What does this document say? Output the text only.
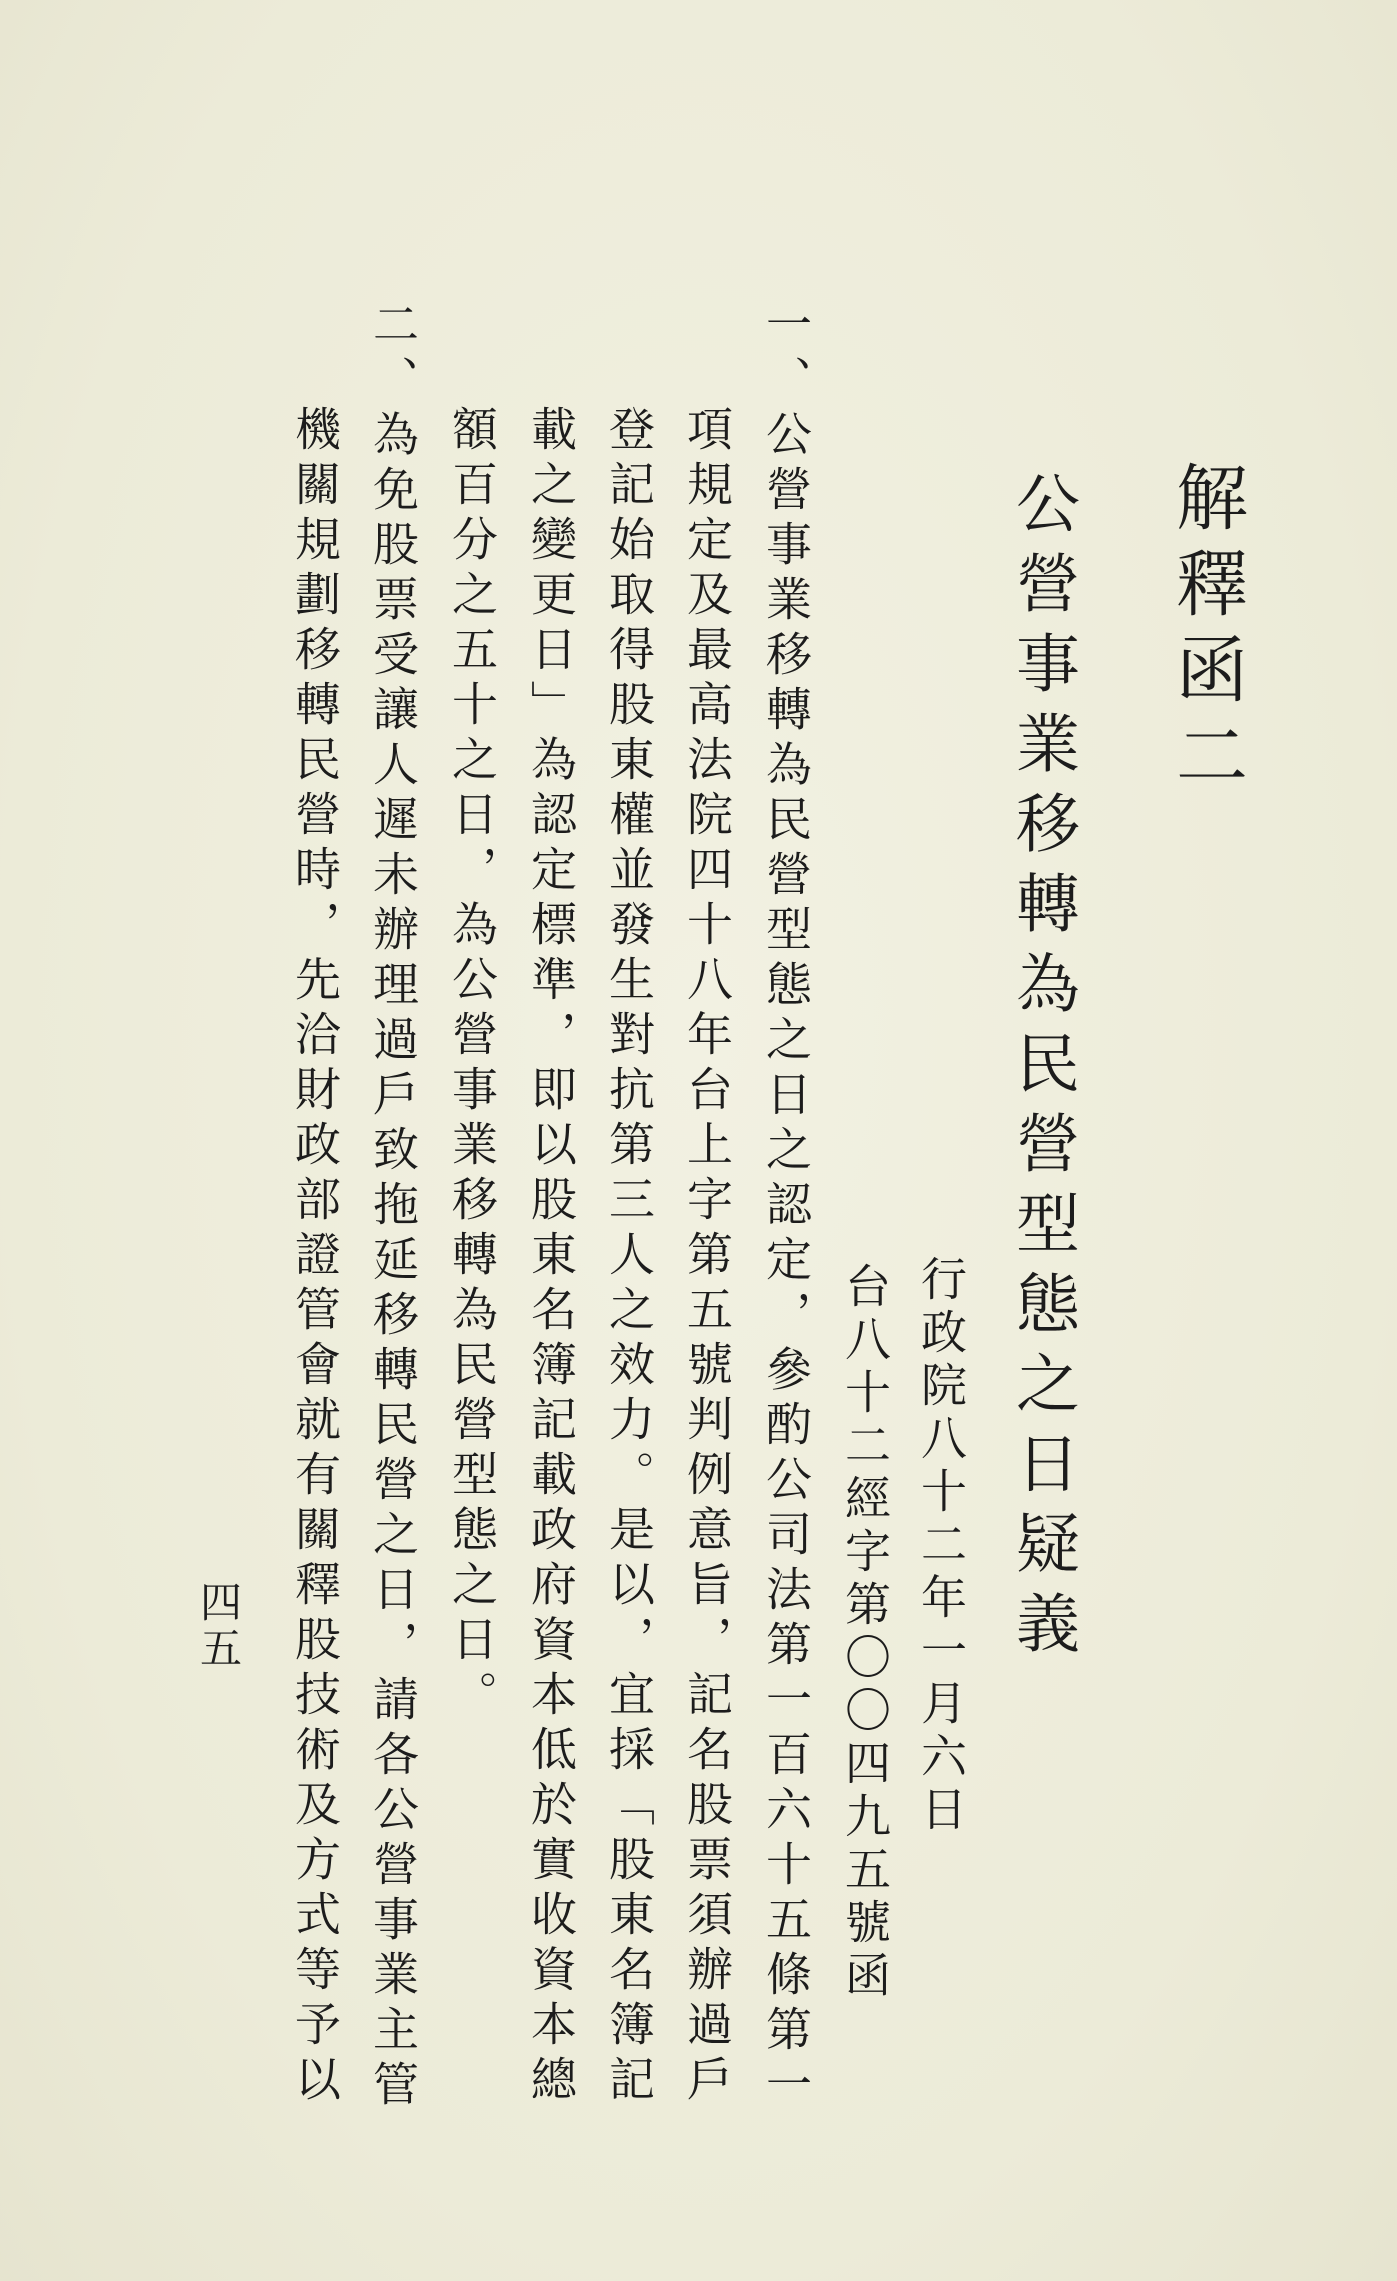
解釋函二
公營事業移轉為民營型態之日疑義
行政院八十二年一月六日
台八十二經字第〇〇四九五號函
一、公營事業移轉為民營型態之日之認定，參酌公司法第一百六十五條第一
項規定及最高法院四十八年台上字第五號判例意旨，記名股票須辦過戶
登記始取得股東權並發生對抗第三人之效力。是以，宜採「股東名簿記
載之變更日」為認定標準，即以股東名簿記載政府資本低於實收資本總
額百分之五十之日，為公營事業移轉為民營型態之日。
二、為免股票受讓人遲未辦理過戶致拖延移轉民營之日，請各公營事業主管
機關規劃移轉民營時，先洽財政部證管會就有關釋股技術及方式等予以
四五
